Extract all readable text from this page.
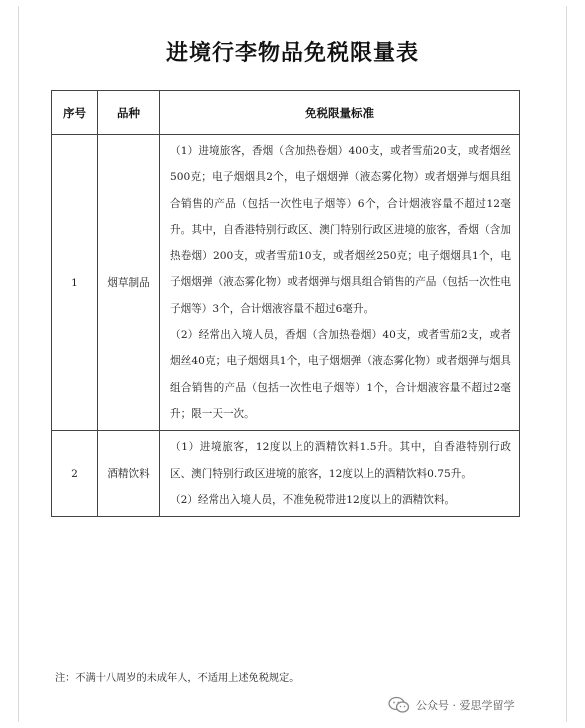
进境行李物品免税限量表
序号	品种	免税限量标准
1	烟草制品	（1）进境旅客，香烟（含加热卷烟）400支，或者雪茄20支，或者烟丝500克；电子烟烟具2个，电子烟烟弹（液态雾化物）或者烟弹与烟具组合销售的产品（包括一次性电子烟等）6个，合计烟液容量不超过12毫升。其中，自香港特别行政区、澳门特别行政区进境的旅客，香烟（含加热卷烟）200支，或者雪茄10支，或者烟丝250克；电子烟烟具1个，电子烟烟弹（液态雾化物）或者烟弹与烟具组合销售的产品（包括一次性电子烟等）3个，合计烟液容量不超过6毫升。
（2）经常出入境人员，香烟（含加热卷烟）40支，或者雪茄2支，或者烟丝40克；电子烟烟具1个，电子烟烟弹（液态雾化物）或者烟弹与烟具组合销售的产品（包括一次性电子烟等）1个，合计烟液容量不超过2毫升；限一天一次。

2	酒精饮料	（1）进境旅客，12度以上的酒精饮料1.5升。其中，自香港特别行政区、澳门特别行政区进境的旅客，12度以上的酒精饮料0.75升。
（2）经常出入境人员，不准免税带进12度以上的酒精饮料。
注：不满十八周岁的未成年人，不适用上述免税规定。
公众号 · 爱思学留学
